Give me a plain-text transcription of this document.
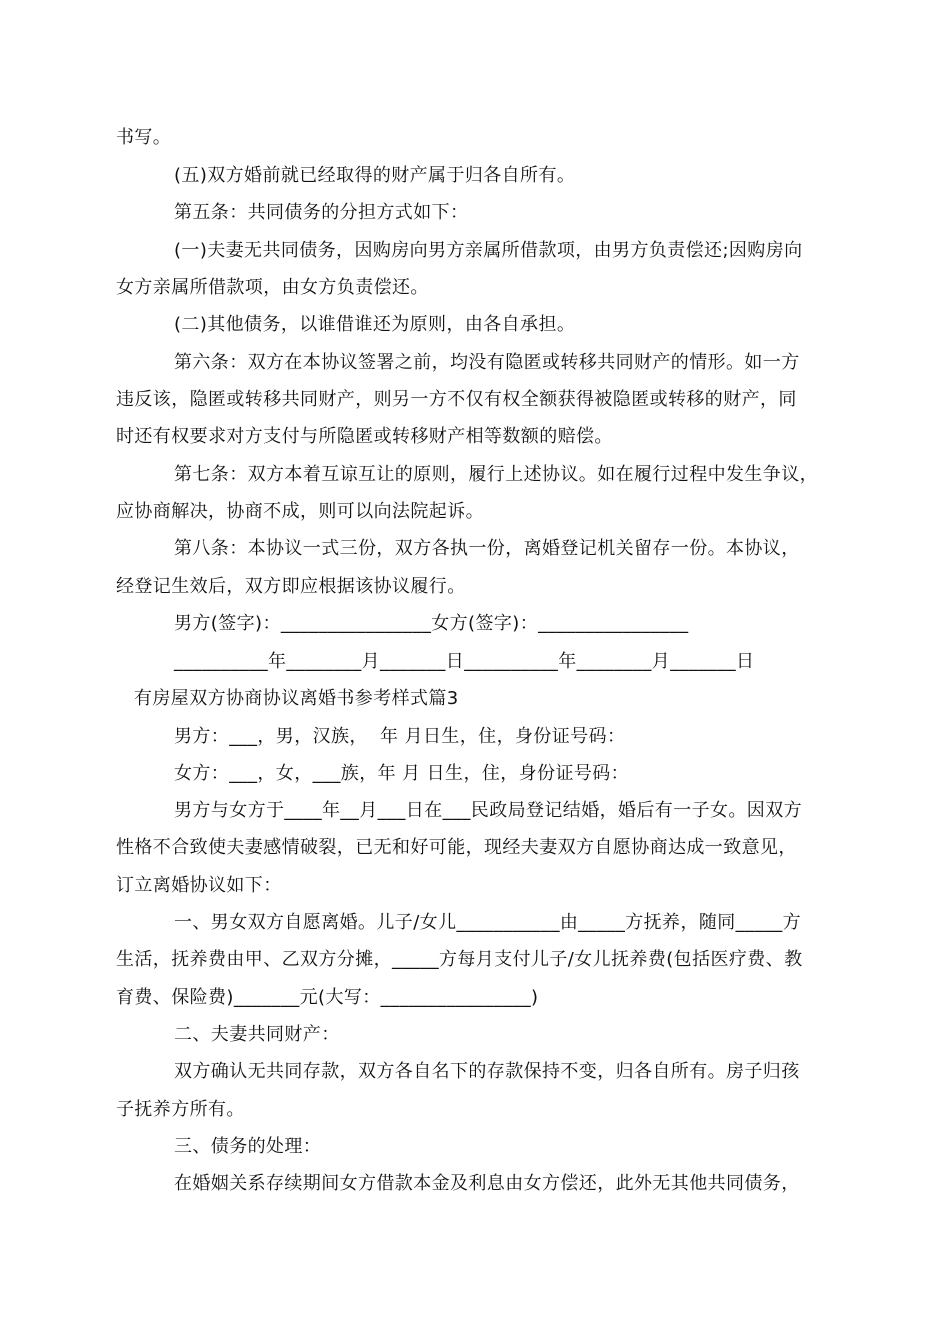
书写。
(五)双方婚前就已经取得的财产属于归各自所有。
第五条：共同债务的分担方式如下：
(一)夫妻无共同债务，因购房向男方亲属所借款项，由男方负责偿还;因购房向
女方亲属所借款项，由女方负责偿还。
(二)其他债务，以谁借谁还为原则，由各自承担。
第六条：双方在本协议签署之前，均没有隐匿或转移共同财产的情形。如一方
违反该，隐匿或转移共同财产，则另一方不仅有权全额获得被隐匿或转移的财产，同
时还有权要求对方支付与所隐匿或转移财产相等数额的赔偿。
第七条：双方本着互谅互让的原则，履行上述协议。如在履行过程中发生争议，
应协商解决，协商不成，则可以向法院起诉。
第八条：本协议一式三份，双方各执一份，离婚登记机关留存一份。本协议，
经登记生效后，双方即应根据该协议履行。
男方(签字)：________________女方(签字)：________________
__________年________月_______日__________年________月_______日
有房屋双方协商协议离婚书参考样式篇3
男方：___，男，汉族，  年 月日生，住，身份证号码：
女方：___，女，___族，年 月 日生，住，身份证号码：
男方与女方于____年__月___日在___民政局登记结婚，婚后有一子女。因双方
性格不合致使夫妻感情破裂，已无和好可能，现经夫妻双方自愿协商达成一致意见，
订立离婚协议如下：
一、男女双方自愿离婚。儿子/女儿___________由_____方抚养，随同_____方
生活，抚养费由甲、乙双方分摊，_____方每月支付儿子/女儿抚养费(包括医疗费、教
育费、保险费)_______元(大写：________________)
二、夫妻共同财产：
双方确认无共同存款，双方各自名下的存款保持不变，归各自所有。房子归孩
子抚养方所有。
三、债务的处理：
在婚姻关系存续期间女方借款本金及利息由女方偿还，此外无其他共同债务，
